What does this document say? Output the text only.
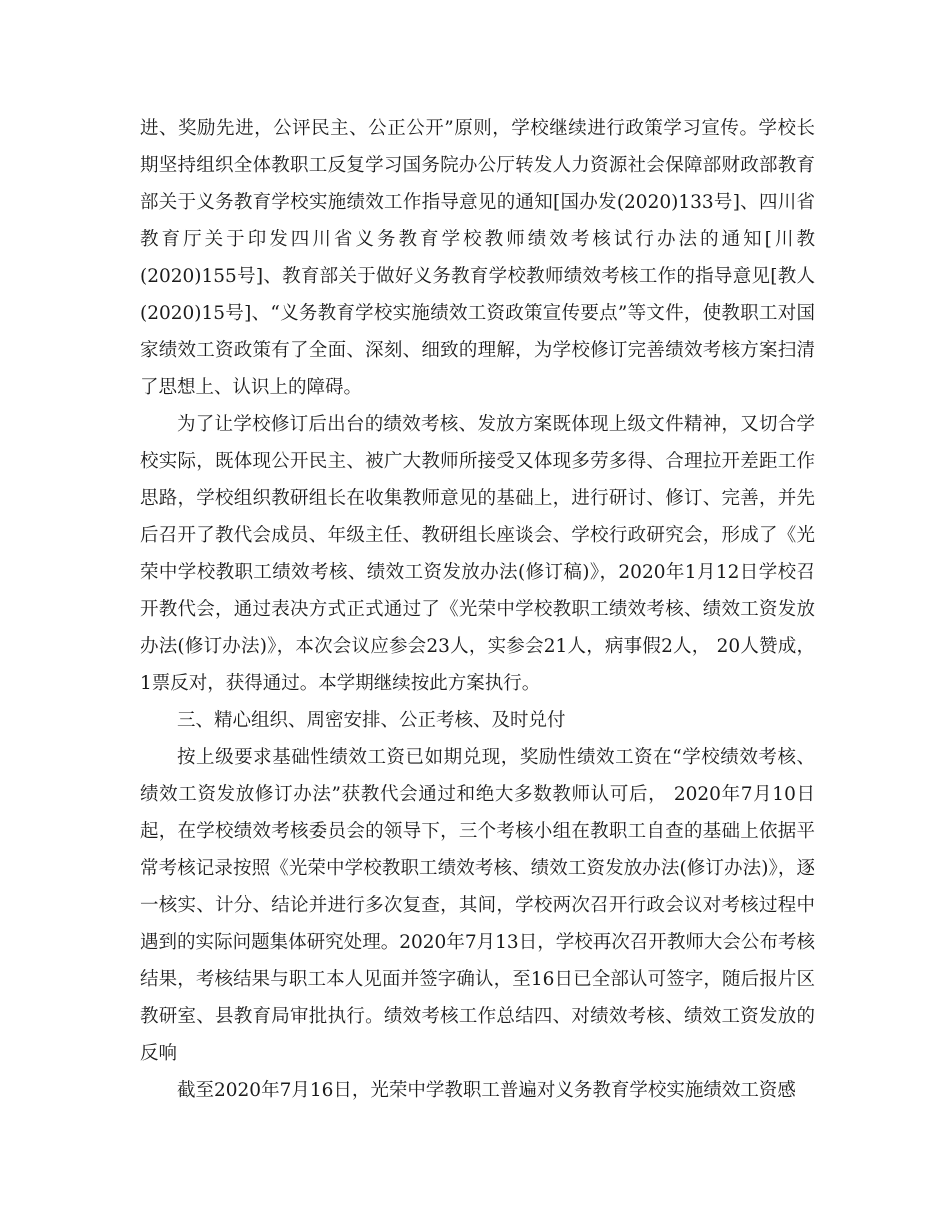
进、奖励先进，公评民主、公正公开”原则，学校继续进行政策学习宣传。学校长期坚持组织全体教职工反复学习国务院办公厅转发人力资源社会保障部财政部教育部关于义务教育学校实施绩效工作指导意见的通知[国办发(2020)133号]、四川省教育厅关于印发四川省义务教育学校教师绩效考核试行办法的通知[川教(2020)155号]、教育部关于做好义务教育学校教师绩效考核工作的指导意见[教人(2020)15号]、“义务教育学校实施绩效工资政策宣传要点”等文件，使教职工对国家绩效工资政策有了全面、深刻、细致的理解，为学校修订完善绩效考核方案扫清了思想上、认识上的障碍。

为了让学校修订后出台的绩效考核、发放方案既体现上级文件精神，又切合学校实际，既体现公开民主、被广大教师所接受又体现多劳多得、合理拉开差距工作思路，学校组织教研组长在收集教师意见的基础上，进行研讨、修订、完善，并先后召开了教代会成员、年级主任、教研组长座谈会、学校行政研究会，形成了《光荣中学校教职工绩效考核、绩效工资发放办法(修订稿)》，2020年1月12日学校召开教代会，通过表决方式正式通过了《光荣中学校教职工绩效考核、绩效工资发放办法(修订办法)》，本次会议应参会23人，实参会21人，病事假2人， 20人赞成，1票反对，获得通过。本学期继续按此方案执行。

三、精心组织、周密安排、公正考核、及时兑付

按上级要求基础性绩效工资已如期兑现，奖励性绩效工资在“学校绩效考核、绩效工资发放修订办法”获教代会通过和绝大多数教师认可后， 2020年7月10日起，在学校绩效考核委员会的领导下，三个考核小组在教职工自查的基础上依据平常考核记录按照《光荣中学校教职工绩效考核、绩效工资发放办法(修订办法)》，逐一核实、计分、结论并进行多次复查，其间，学校两次召开行政会议对考核过程中遇到的实际问题集体研究处理。2020年7月13日，学校再次召开教师大会公布考核结果，考核结果与职工本人见面并签字确认，至16日已全部认可签字，随后报片区教研室、县教育局审批执行。绩效考核工作总结四、对绩效考核、绩效工资发放的反响

截至2020年7月16日，光荣中学教职工普遍对义务教育学校实施绩效工资感
